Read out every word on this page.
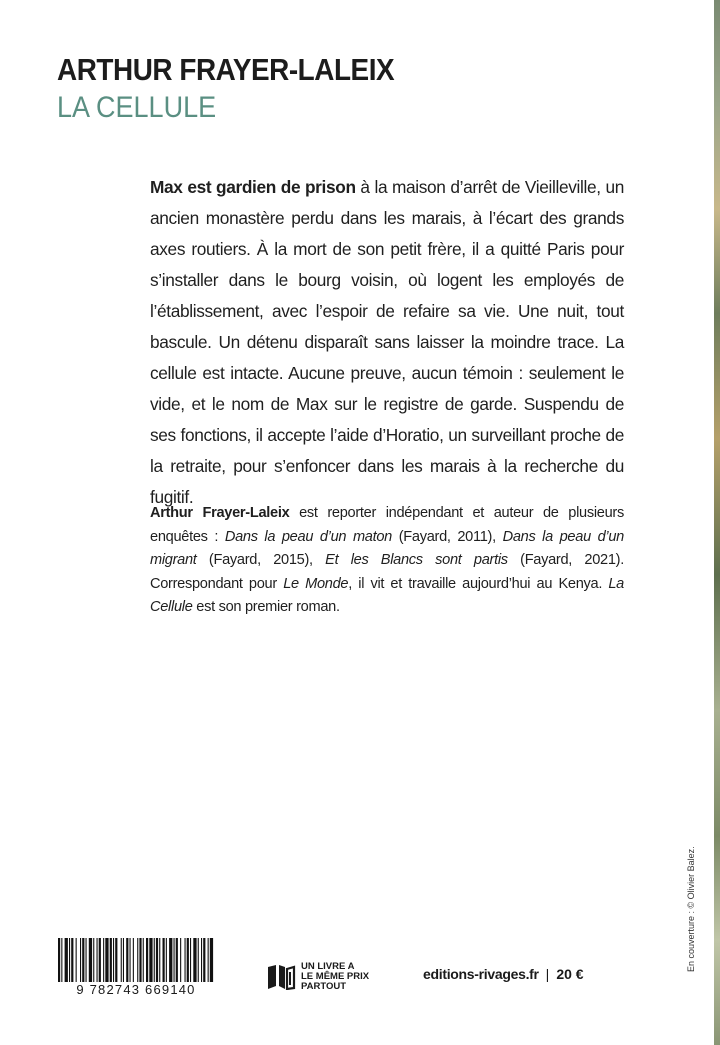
ARTHUR FRAYER-LALEIX
LA CELLULE

Max est gardien de prison à la maison d’arrêt de Vieilleville, un ancien monastère perdu dans les marais, à l’écart des grands axes routiers. À la mort de son petit frère, il a quitté Paris pour s’installer dans le bourg voisin, où logent les employés de l’établissement, avec l’espoir de refaire sa vie. Une nuit, tout bascule. Un détenu disparaît sans laisser la moindre trace. La cellule est intacte. Aucune preuve, aucun témoin : seulement le vide, et le nom de Max sur le registre de garde. Suspendu de ses fonctions, il accepte l’aide d’Horatio, un surveillant proche de la retraite, pour s’enfoncer dans les marais à la recherche du fugitif.

Arthur Frayer-Laleix est reporter indépendant et auteur de plusieurs enquêtes : Dans la peau d’un maton (Fayard, 2011), Dans la peau d’un migrant (Fayard, 2015), Et les Blancs sont partis (Fayard, 2021). Correspondant pour Le Monde, il vit et travaille aujourd’hui au Kenya. La Cellule est son premier roman.

En couverture : © Olivier Balez.
9 782743 669140
UN LIVRE A
LE MÊME PRIX
PARTOUT
editions-rivages.fr | 20 €
